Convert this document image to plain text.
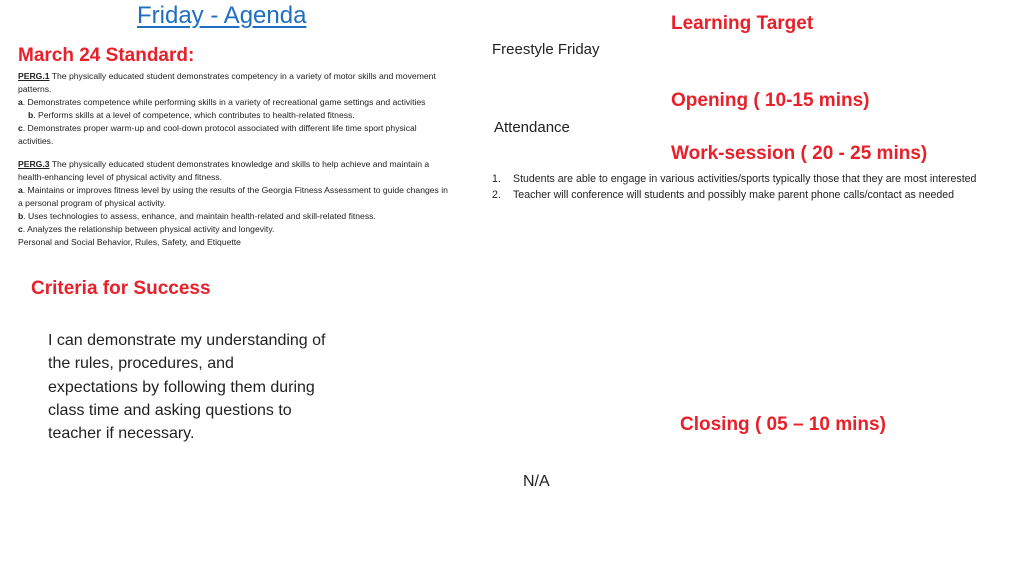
Friday - Agenda
March 24 Standard:

PERG.1 The physically educated student demonstrates competency in a variety of motor skills and movement patterns.

a. Demonstrates competence while performing skills in a variety of recreational game settings and activities

b. Performs skills at a level of competence, which contributes to health-related fitness.

c. Demonstrates proper warm-up and cool-down protocol associated with different life time sport physical activities.

PERG.3 The physically educated student demonstrates knowledge and skills to help achieve and maintain a health-enhancing level of physical activity and fitness.

a. Maintains or improves fitness level by using the results of the Georgia Fitness Assessment to guide changes in a personal program of physical activity.

b. Uses technologies to assess, enhance, and maintain health-related and skill-related fitness.

c. Analyzes the relationship between physical activity and longevity.

Personal and Social Behavior, Rules, Safety, and Etiquette

Criteria for Success
I can demonstrate my understanding of the rules, procedures, and expectations by following them during class time and asking questions to teacher if necessary.
Learning Target
Freestyle Friday
Opening ( 10-15 mins)
Attendance
Work-session ( 20 - 25 mins)
1. Students are able to engage in various activities/sports typically those that they are most interested
2. Teacher will conference will students and possibly make parent phone calls/contact as needed
Closing ( 05 – 10 mins)
N/A
